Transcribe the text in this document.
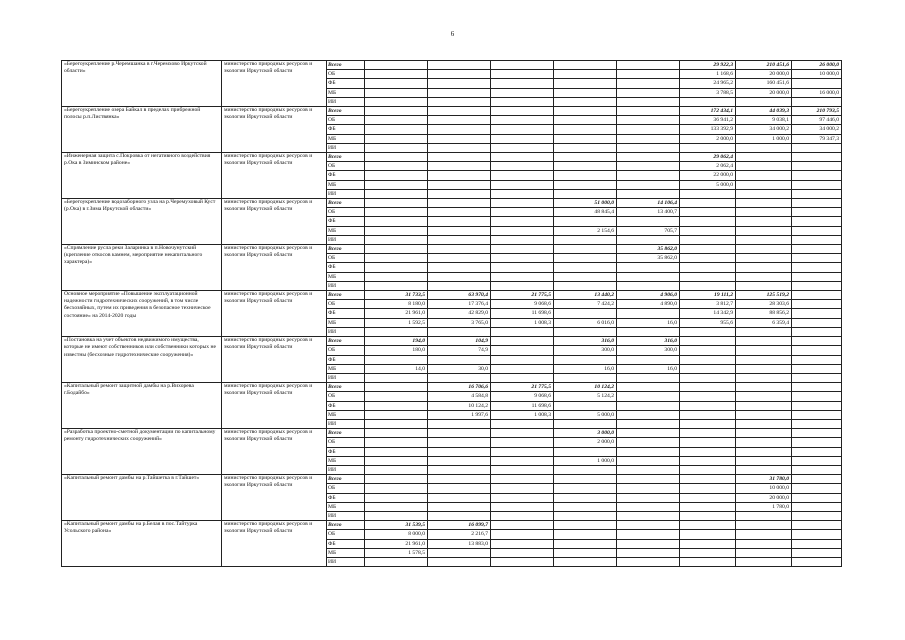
6
«Берегоукрепление р.Черемшанка в г.Черемхово Иркутской области»	министерство природных ресурсов и экологии Иркутской области	Всего						29 922,3	210 451,6	26 000,0
		ОБ						1 168,6	20 000,0	10 000,0
		ФБ						24 965,2	160 451,6	
		МБ						3 788,5	20 000,0	16 000,0
		ИИ								
«Берегоукрепление озера Байкал в пределах прибрежной полосы р.п.Листвянка»	министерство природных ресурсов и экологии Иркутской области	Всего						172 434,1	44 039,3	210 793,5
		ОБ						36 941,2	9 038,1	97 446,0
		ФБ						133 392,9	34 000,2	34 000,2
		МБ						2 000,0	1 000,0	79 347,3
		ИИ								
«Инженерная защита с.Покровка от негативного воздействия р.Ока в Зиминском районе»	министерство природных ресурсов и экологии Иркутской области	Всего						29 062,4		
		ОБ						2 062,4		
		ФБ						22 000,0		
		МБ						5 000,0		
		ИИ								
«Берегоукрепление водозаборного узла на р.Черемуховый Куст (р.Ока) в г.Зима Иркутской области»	министерство природных ресурсов и экологии Иркутской области	Всего				51 000,0	14 106,4			
		ОБ				48 845,4	13 400,7			
		ФБ								
		МБ				2 154,6	705,7			
		ИИ								
«Спрямление русла реки Заларинка в п.Новочунутский (крепление откосов камнем, мероприятие некапитального характера)»	министерство природных ресурсов и экологии Иркутской области	Всего					35 862,0			
		ОБ					35 862,0			
		ФБ								
		МБ								
		ИИ								
Основное мероприятие «Повышение эксплуатационной надежности гидротехнических сооружений, в том числе бесхозяйных, путем их приведения в безопасное техническое состояние» на 2014-2020 годы	министерство природных ресурсов и экологии Иркутской области	Всего	31 733,5	63 970,4	21 775,5	13 440,2	4 906,0	19 111,2	125 519,2	
		ОБ	8 180,0	17 376,4	9 068,6	7 424,2	4 890,0	3 812,7	28 303,6	
		ФБ	21 961,0	42 829,0	11 698,6			14 342,9	88 856,2	
		МБ	1 592,5	3 765,0	1 008,3	6 016,0	16,0	955,6	6 359,4	
		ИИ								
«Постановка на учет объектов недвижимого имущества, которые не имеют собственников или собственники которых не известны (бесхозные гидротехнические сооружения)»	министерство природных ресурсов и экологии Иркутской области	Всего	194,0	104,9		316,0	316,0			
		ОБ	180,0	74,9		300,0	300,0			
		ФБ								
		МБ	14,0	30,0		16,0	16,0			
		ИИ								
«Капитальный ремонт защитной дамбы на р.Вихорева г.Бодайбо»	министерство природных ресурсов и экологии Иркутской области	Всего		16 706,6	21 775,5	10 124,2				
		ОБ		4 584,8	9 068,6	5 124,2				
		ФБ		10 124,2	11 698,6					
		МБ		1 997,6	1 008,3	5 000,0				
		ИИ								
«Разработка проектно-сметной документации по капитальному ремонту гидротехнических сооружений»	министерство природных ресурсов и экологии Иркутской области	Всего				3 000,0				
		ОБ				2 000,0				
		ФБ								
		МБ				1 000,0				
		ИИ								
«Капитальный ремонт дамбы на р.Тайшетка в г.Тайшет»	министерство природных ресурсов и экологии Иркутской области	Всего							31 780,0	
		ОБ							10 000,0	
		ФБ							20 000,0	
		МБ							1 780,0	
		ИИ								
«Капитальный ремонт дамбы на р.Белая в пос.Тайтурка Усольского района»	министерство природных ресурсов и экологии Иркутской области	Всего	31 539,5	16 099,7						
		ОБ	8 000,0	2 216,7						
		ФБ	21 961,0	13 883,0						
		МБ	1 578,5							
		ИИ								
